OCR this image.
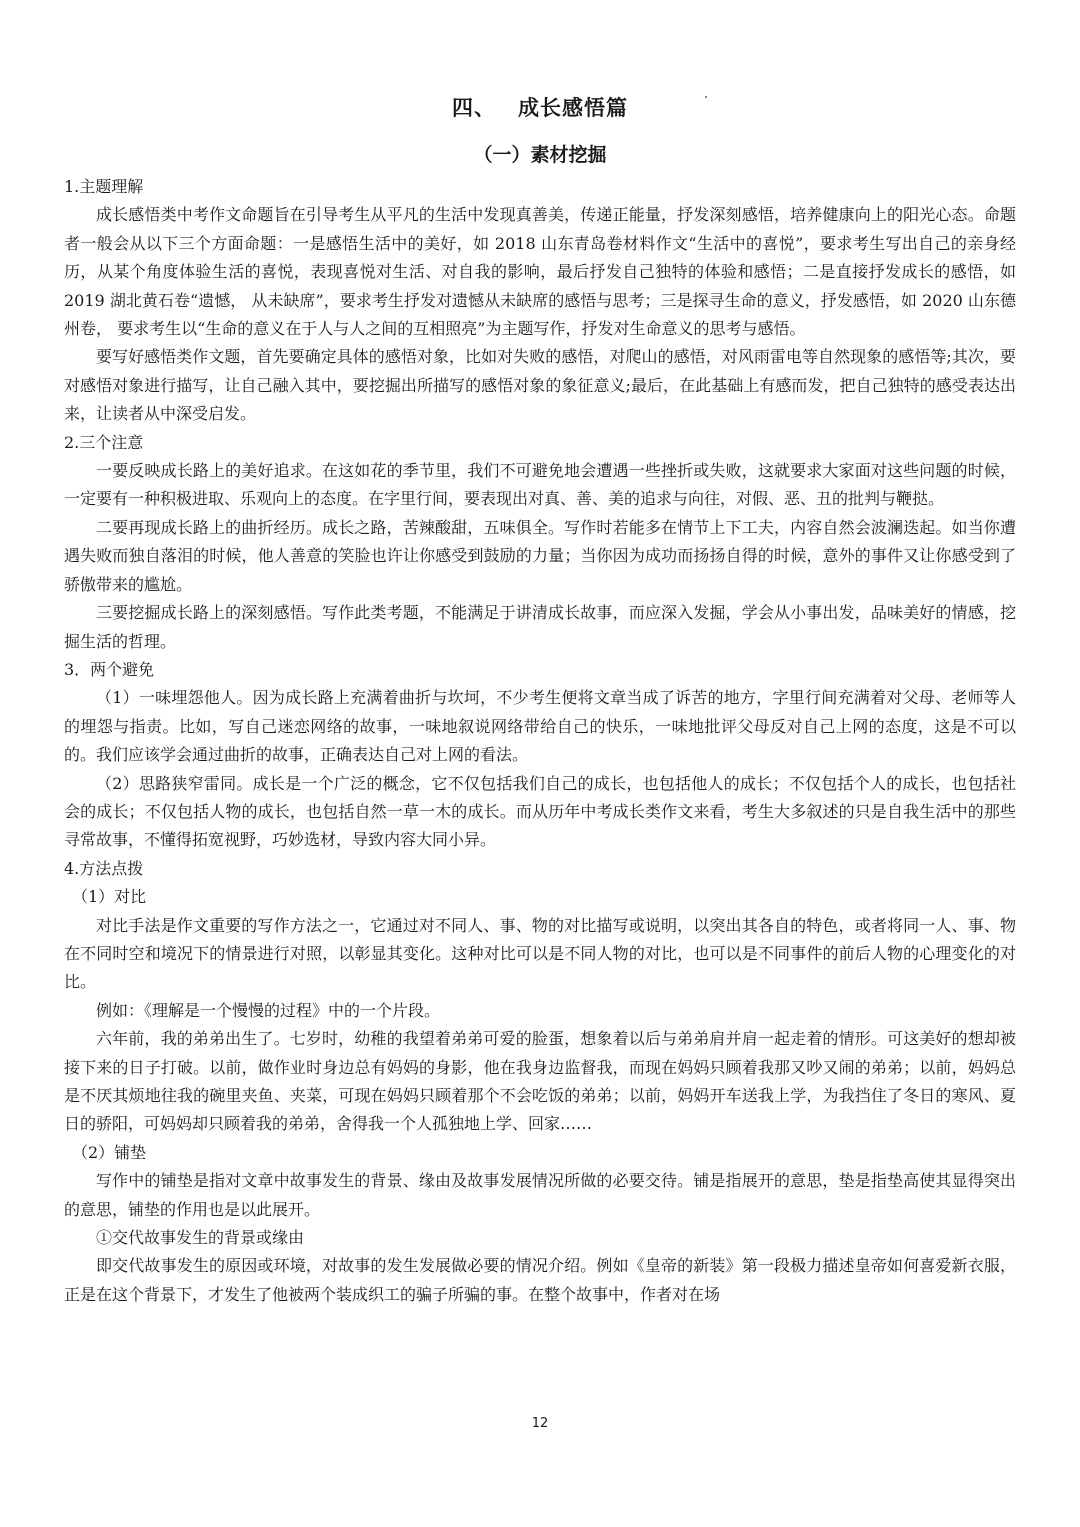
四、 成长感悟篇
（一）素材挖掘

1.主题理解

成长感悟类中考作文命题旨在引导考生从平凡的生活中发现真善美，传递正能量，抒发深刻感悟，培养健康向上的阳光心态。命题者一般会从以下三个方面命题：一是感悟生活中的美好，如 2018 山东青岛卷材料作文“生活中的喜悦”，要求考生写出自己的亲身经历，从某个角度体验生活的喜悦，表现喜悦对生活、对自我的影响，最后抒发自己独特的体验和感悟；二是直接抒发成长的感悟，如 2019 湖北黄石卷“遗憾， 从未缺席”，要求考生抒发对遗憾从未缺席的感悟与思考；三是探寻生命的意义，抒发感悟，如 2020 山东德州卷， 要求考生以“生命的意义在于人与人之间的互相照亮”为主题写作，抒发对生命意义的思考与感悟。

要写好感悟类作文题，首先要确定具体的感悟对象，比如对失败的感悟，对爬山的感悟，对风雨雷电等自然现象的感悟等;其次，要对感悟对象进行描写，让自己融入其中，要挖掘出所描写的感悟对象的象征意义;最后，在此基础上有感而发，把自己独特的感受表达出来，让读者从中深受启发。

2.三个注意

一要反映成长路上的美好追求。在这如花的季节里，我们不可避免地会遭遇一些挫折或失败，这就要求大家面对这些问题的时候，一定要有一种积极进取、乐观向上的态度。在字里行间，要表现出对真、善、美的追求与向往，对假、恶、丑的批判与鞭挞。

二要再现成长路上的曲折经历。成长之路，苦辣酸甜，五味俱全。写作时若能多在情节上下工夫，内容自然会波澜迭起。如当你遭遇失败而独自落泪的时候，他人善意的笑脸也许让你感受到鼓励的力量；当你因为成功而扬扬自得的时候，意外的事件又让你感受到了骄傲带来的尴尬。

三要挖掘成长路上的深刻感悟。写作此类考题，不能满足于讲清成长故事，而应深入发掘，学会从小事出发，品味美好的情感，挖掘生活的哲理。

3．两个避免

（1）一味埋怨他人。因为成长路上充满着曲折与坎坷，不少考生便将文章当成了诉苦的地方，字里行间充满着对父母、老师等人的埋怨与指责。比如，写自己迷恋网络的故事，一味地叙说网络带给自己的快乐，一味地批评父母反对自己上网的态度，这是不可以的。我们应该学会通过曲折的故事，正确表达自己对上网的看法。

（2）思路狭窄雷同。成长是一个广泛的概念，它不仅包括我们自己的成长，也包括他人的成长；不仅包括个人的成长，也包括社会的成长；不仅包括人物的成长，也包括自然一草一木的成长。而从历年中考成长类作文来看，考生大多叙述的只是自我生活中的那些寻常故事，不懂得拓宽视野，巧妙选材，导致内容大同小异。

4.方法点拨

（1）对比

对比手法是作文重要的写作方法之一，它通过对不同人、事、物的对比描写或说明，以突出其各自的特色，或者将同一人、事、物在不同时空和境况下的情景进行对照，以彰显其变化。这种对比可以是不同人物的对比，也可以是不同事件的前后人物的心理变化的对比。

例如：《理解是一个慢慢的过程》中的一个片段。

六年前，我的弟弟出生了。七岁时，幼稚的我望着弟弟可爱的脸蛋，想象着以后与弟弟肩并肩一起走着的情形。可这美好的想却被接下来的日子打破。以前，做作业时身边总有妈妈的身影，他在我身边监督我，而现在妈妈只顾着我那又吵又闹的弟弟；以前，妈妈总是不厌其烦地往我的碗里夹鱼、夹菜，可现在妈妈只顾着那个不会吃饭的弟弟；以前，妈妈开车送我上学，为我挡住了冬日的寒风、夏日的骄阳，可妈妈却只顾着我的弟弟，舍得我一个人孤独地上学、回家……

（2）铺垫

写作中的铺垫是指对文章中故事发生的背景、缘由及故事发展情况所做的必要交待。铺是指展开的意思，垫是指垫高使其显得突出的意思，铺垫的作用也是以此展开。

①交代故事发生的背景或缘由

即交代故事发生的原因或环境，对故事的发生发展做必要的情况介绍。例如《皇帝的新装》第一段极力描述皇帝如何喜爱新衣服，正是在这个背景下，才发生了他被两个装成织工的骗子所骗的事。在整个故事中，作者对在场

12
